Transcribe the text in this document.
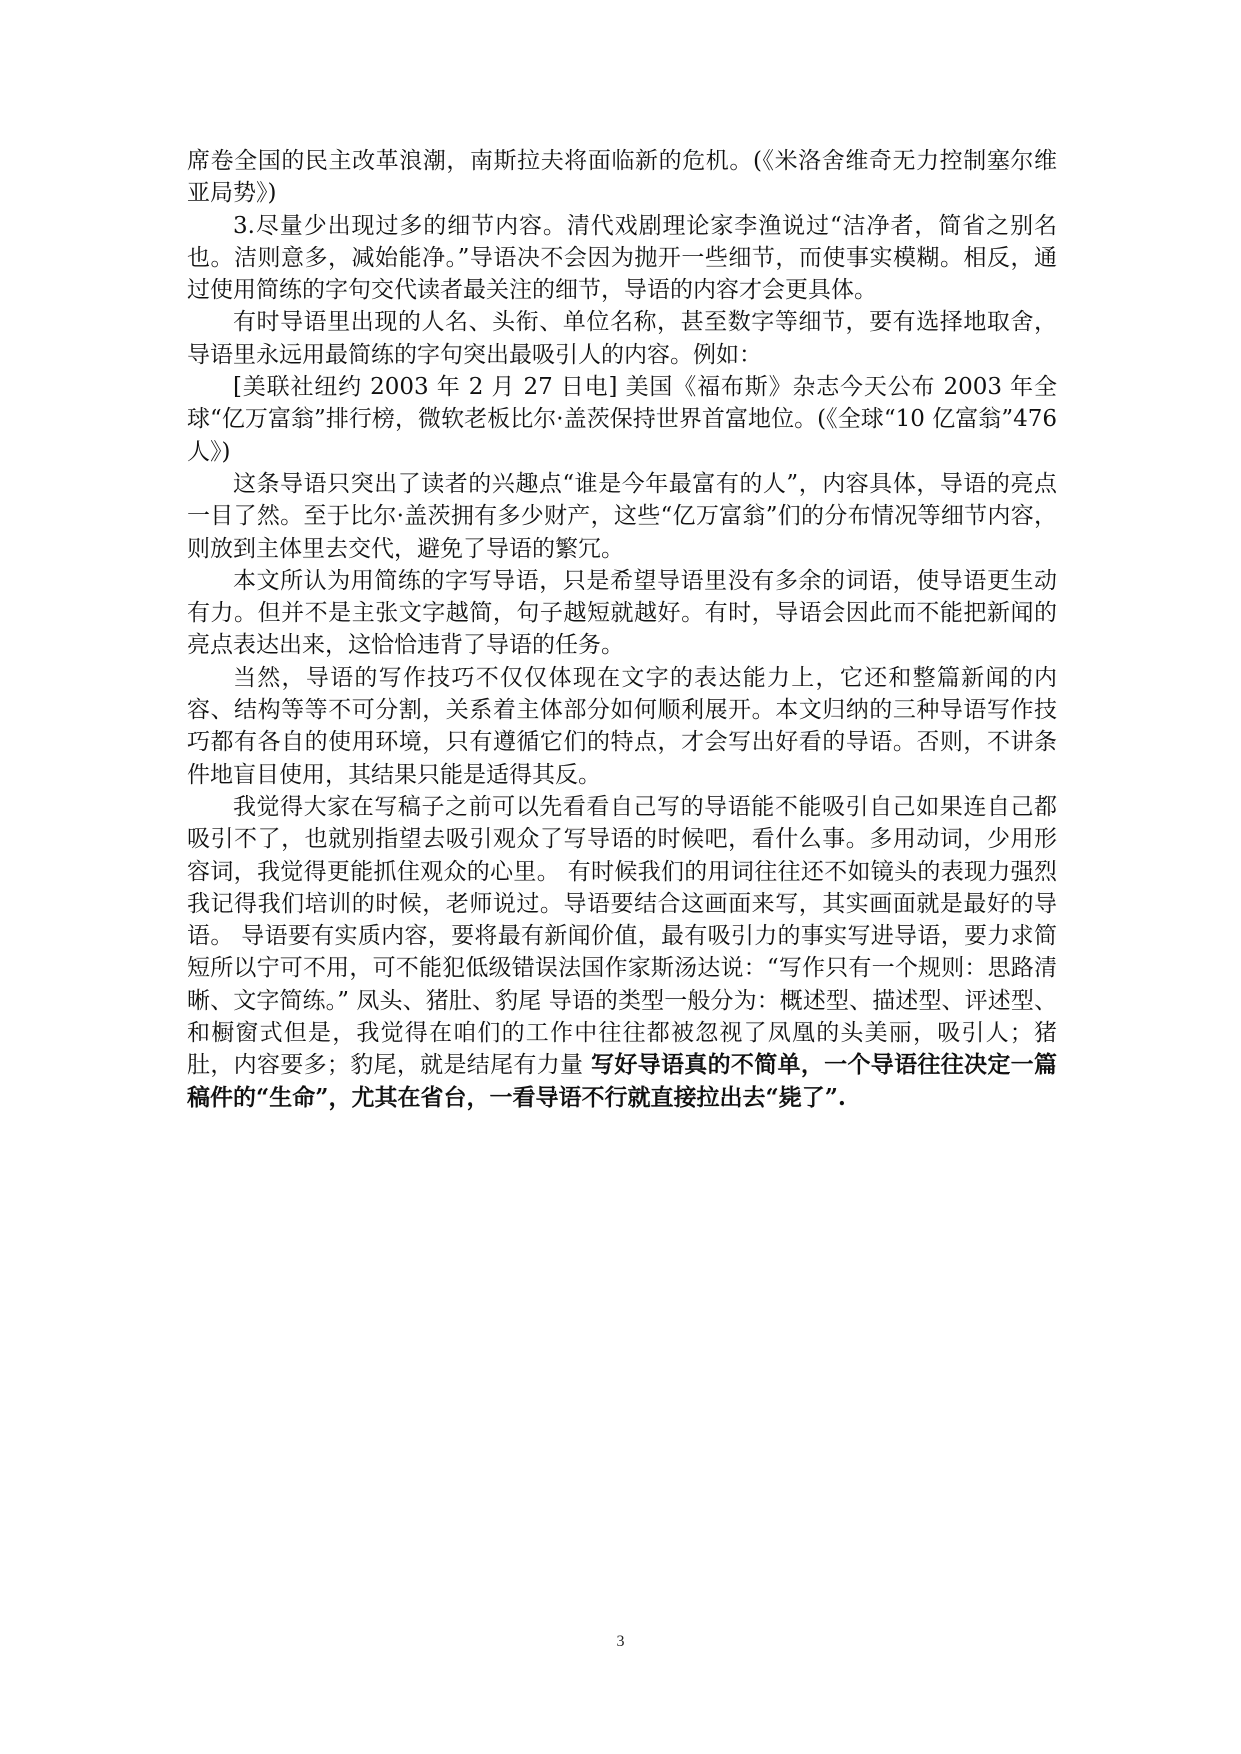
席卷全国的民主改革浪潮，南斯拉夫将面临新的危机。(《米洛舍维奇无力控制塞尔维亚局势》)

3.尽量少出现过多的细节内容。清代戏剧理论家李渔说过“洁净者，简省之别名也。洁则意多，减始能净。”导语决不会因为抛开一些细节，而使事实模糊。相反，通过使用简练的字句交代读者最关注的细节，导语的内容才会更具体。

有时导语里出现的人名、头衔、单位名称，甚至数字等细节，要有选择地取舍，导语里永远用最简练的字句突出最吸引人的内容。例如：

[美联社纽约 2003 年 2 月 27 日电] 美国《福布斯》杂志今天公布 2003 年全球“亿万富翁”排行榜，微软老板比尔·盖茨保持世界首富地位。(《全球“10 亿富翁”476 人》)

这条导语只突出了读者的兴趣点“谁是今年最富有的人”，内容具体，导语的亮点一目了然。至于比尔·盖茨拥有多少财产，这些“亿万富翁”们的分布情况等细节内容，则放到主体里去交代，避免了导语的繁冗。

本文所认为用简练的字写导语，只是希望导语里没有多余的词语，使导语更生动有力。但并不是主张文字越简，句子越短就越好。有时，导语会因此而不能把新闻的亮点表达出来，这恰恰违背了导语的任务。

当然，导语的写作技巧不仅仅体现在文字的表达能力上，它还和整篇新闻的内容、结构等等不可分割，关系着主体部分如何顺利展开。本文归纳的三种导语写作技巧都有各自的使用环境，只有遵循它们的特点，才会写出好看的导语。否则，不讲条件地盲目使用，其结果只能是适得其反。

我觉得大家在写稿子之前可以先看看自己写的导语能不能吸引自己如果连自己都吸引不了，也就别指望去吸引观众了写导语的时候吧，看什么事。多用动词，少用形容词，我觉得更能抓住观众的心里。 有时候我们的用词往往还不如镜头的表现力强烈我记得我们培训的时候，老师说过。导语要结合这画面来写，其实画面就是最好的导语。 导语要有实质内容，要将最有新闻价值，最有吸引力的事实写进导语，要力求简短所以宁可不用，可不能犯低级错误法国作家斯汤达说：“写作只有一个规则：思路清晰、文字简练。” 凤头、猪肚、豹尾 导语的类型一般分为：概述型、描述型、评述型、和橱窗式但是，我觉得在咱们的工作中往往都被忽视了凤凰的头美丽，吸引人；猪肚，内容要多；豹尾，就是结尾有力量 写好导语真的不简单，一个导语往往决定一篇稿件的“生命”，尤其在省台，一看导语不行就直接拉出去“毙了”.

3
